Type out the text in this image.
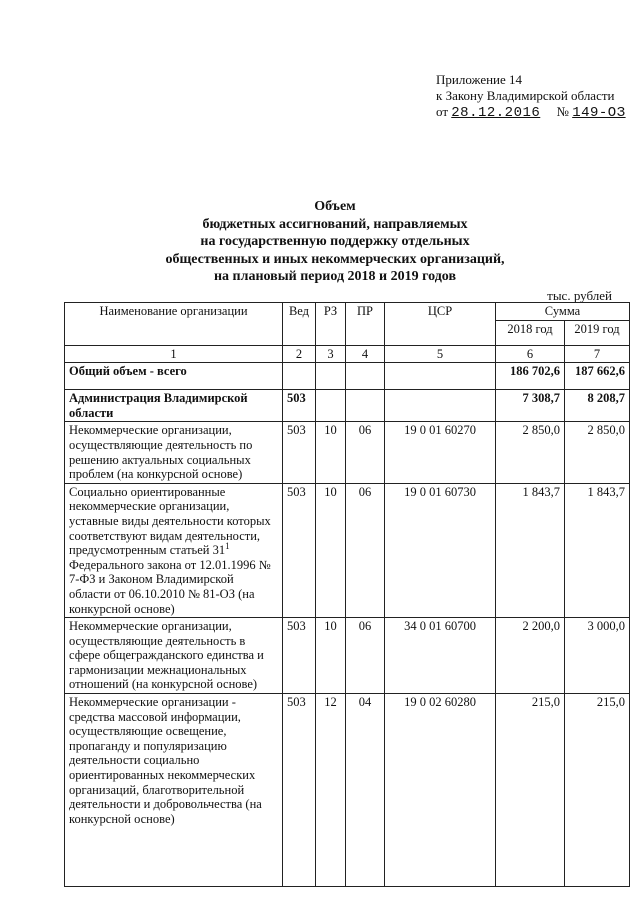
Приложение 14
к Закону Владимирской области
от 28.12.2016 № 149-ОЗ
Объем
бюджетных ассигнований, направляемых
на государственную поддержку отдельных
общественных и иных некоммерческих организаций,
на плановый период 2018 и 2019 годов
тыс. рублей
Наименование организации	Вед	РЗ	ПР	ЦСР	Сумма	
					2018 год	2019 год
1	2	3	4	5	6	7
Общий объем - всего					186 702,6	187 662,6
Администрация Владимирской области	503				7 308,7	8 208,7
Некоммерческие организации, осуществляющие деятельность по решению актуальных социальных проблем (на конкурсной основе)	503	10	06	19 0 01 60270	2 850,0	2 850,0
Социально ориентированные некоммерческие организации, уставные виды деятельности которых соответствуют видам деятельности, предусмотренным статьей $31^1$ Федерального закона от 12.01.1996 № 7-ФЗ и Законом Владимирской области от 06.10.2010 № 81-ОЗ (на конкурсной основе)	503	10	06	19 0 01 60730	1 843,7	1 843,7
Некоммерческие организации, осуществляющие деятельность в сфере общегражданского единства и гармонизации межнациональных отношений (на конкурсной основе)	503	10	06	34 0 01 60700	2 200,0	3 000,0
Некоммерческие организации - средства массовой информации, осуществляющие освещение, пропаганду и популяризацию деятельности социально ориентированных некоммерческих организаций, благотворительной деятельности и добровольчества (на конкурсной основе)	503	12	04	19 0 02 60280	215,0	215,0
